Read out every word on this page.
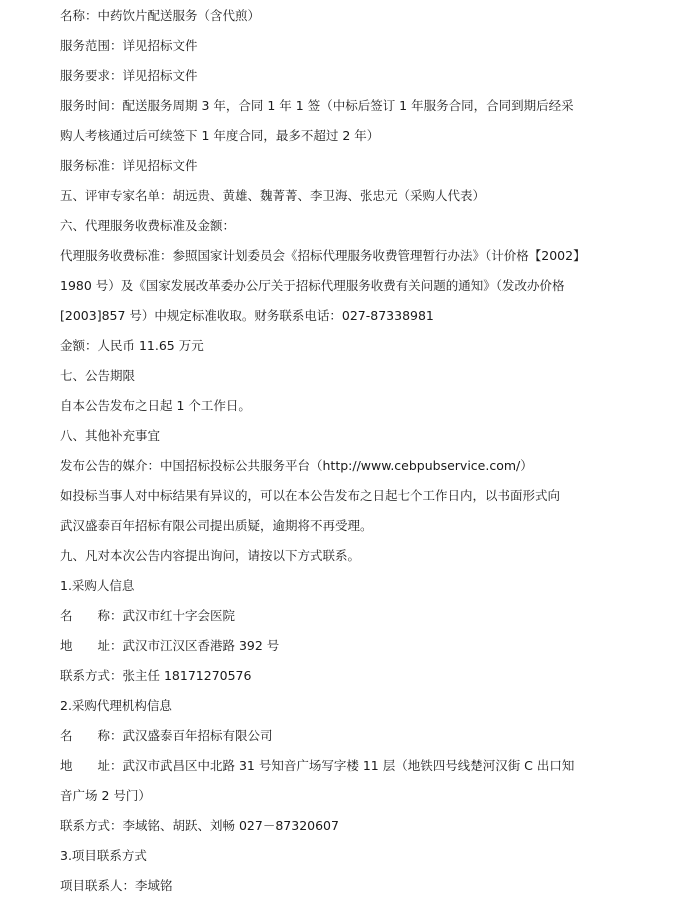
名称：中药饮片配送服务（含代煎）
服务范围：详见招标文件
服务要求：详见招标文件
服务时间：配送服务周期 3 年，合同 1 年 1 签（中标后签订 1 年服务合同，合同到期后经采
购人考核通过后可续签下 1 年度合同，最多不超过 2 年）
服务标准：详见招标文件
五、评审专家名单：胡远贵、黄雄、魏菁菁、李卫海、张忠元（采购人代表）
六、代理服务收费标准及金额：
代理服务收费标准：参照国家计划委员会《招标代理服务收费管理暂行办法》（计价格【2002】
1980 号）及《国家发展改革委办公厅关于招标代理服务收费有关问题的通知》（发改办价格
[2003]857 号）中规定标准收取。财务联系电话：027-87338981
金额：人民币 11.65 万元
七、公告期限
自本公告发布之日起 1 个工作日。
八、其他补充事宜
发布公告的媒介：中国招标投标公共服务平台（http://www.cebpubservice.com/）
如投标当事人对中标结果有异议的，可以在本公告发布之日起七个工作日内，以书面形式向
武汉盛泰百年招标有限公司提出质疑，逾期将不再受理。
九、凡对本次公告内容提出询问，请按以下方式联系。
1.采购人信息
名　　称：武汉市红十字会医院
地　　址：武汉市江汉区香港路 392 号
联系方式：张主任 18171270576
2.采购代理机构信息
名　　称：武汉盛泰百年招标有限公司
地　　址：武汉市武昌区中北路 31 号知音广场写字楼 11 层（地铁四号线楚河汉街 C 出口知
音广场 2 号门）
联系方式：李域铭、胡跃、刘畅 027－87320607
3.项目联系方式
项目联系人：李域铭
